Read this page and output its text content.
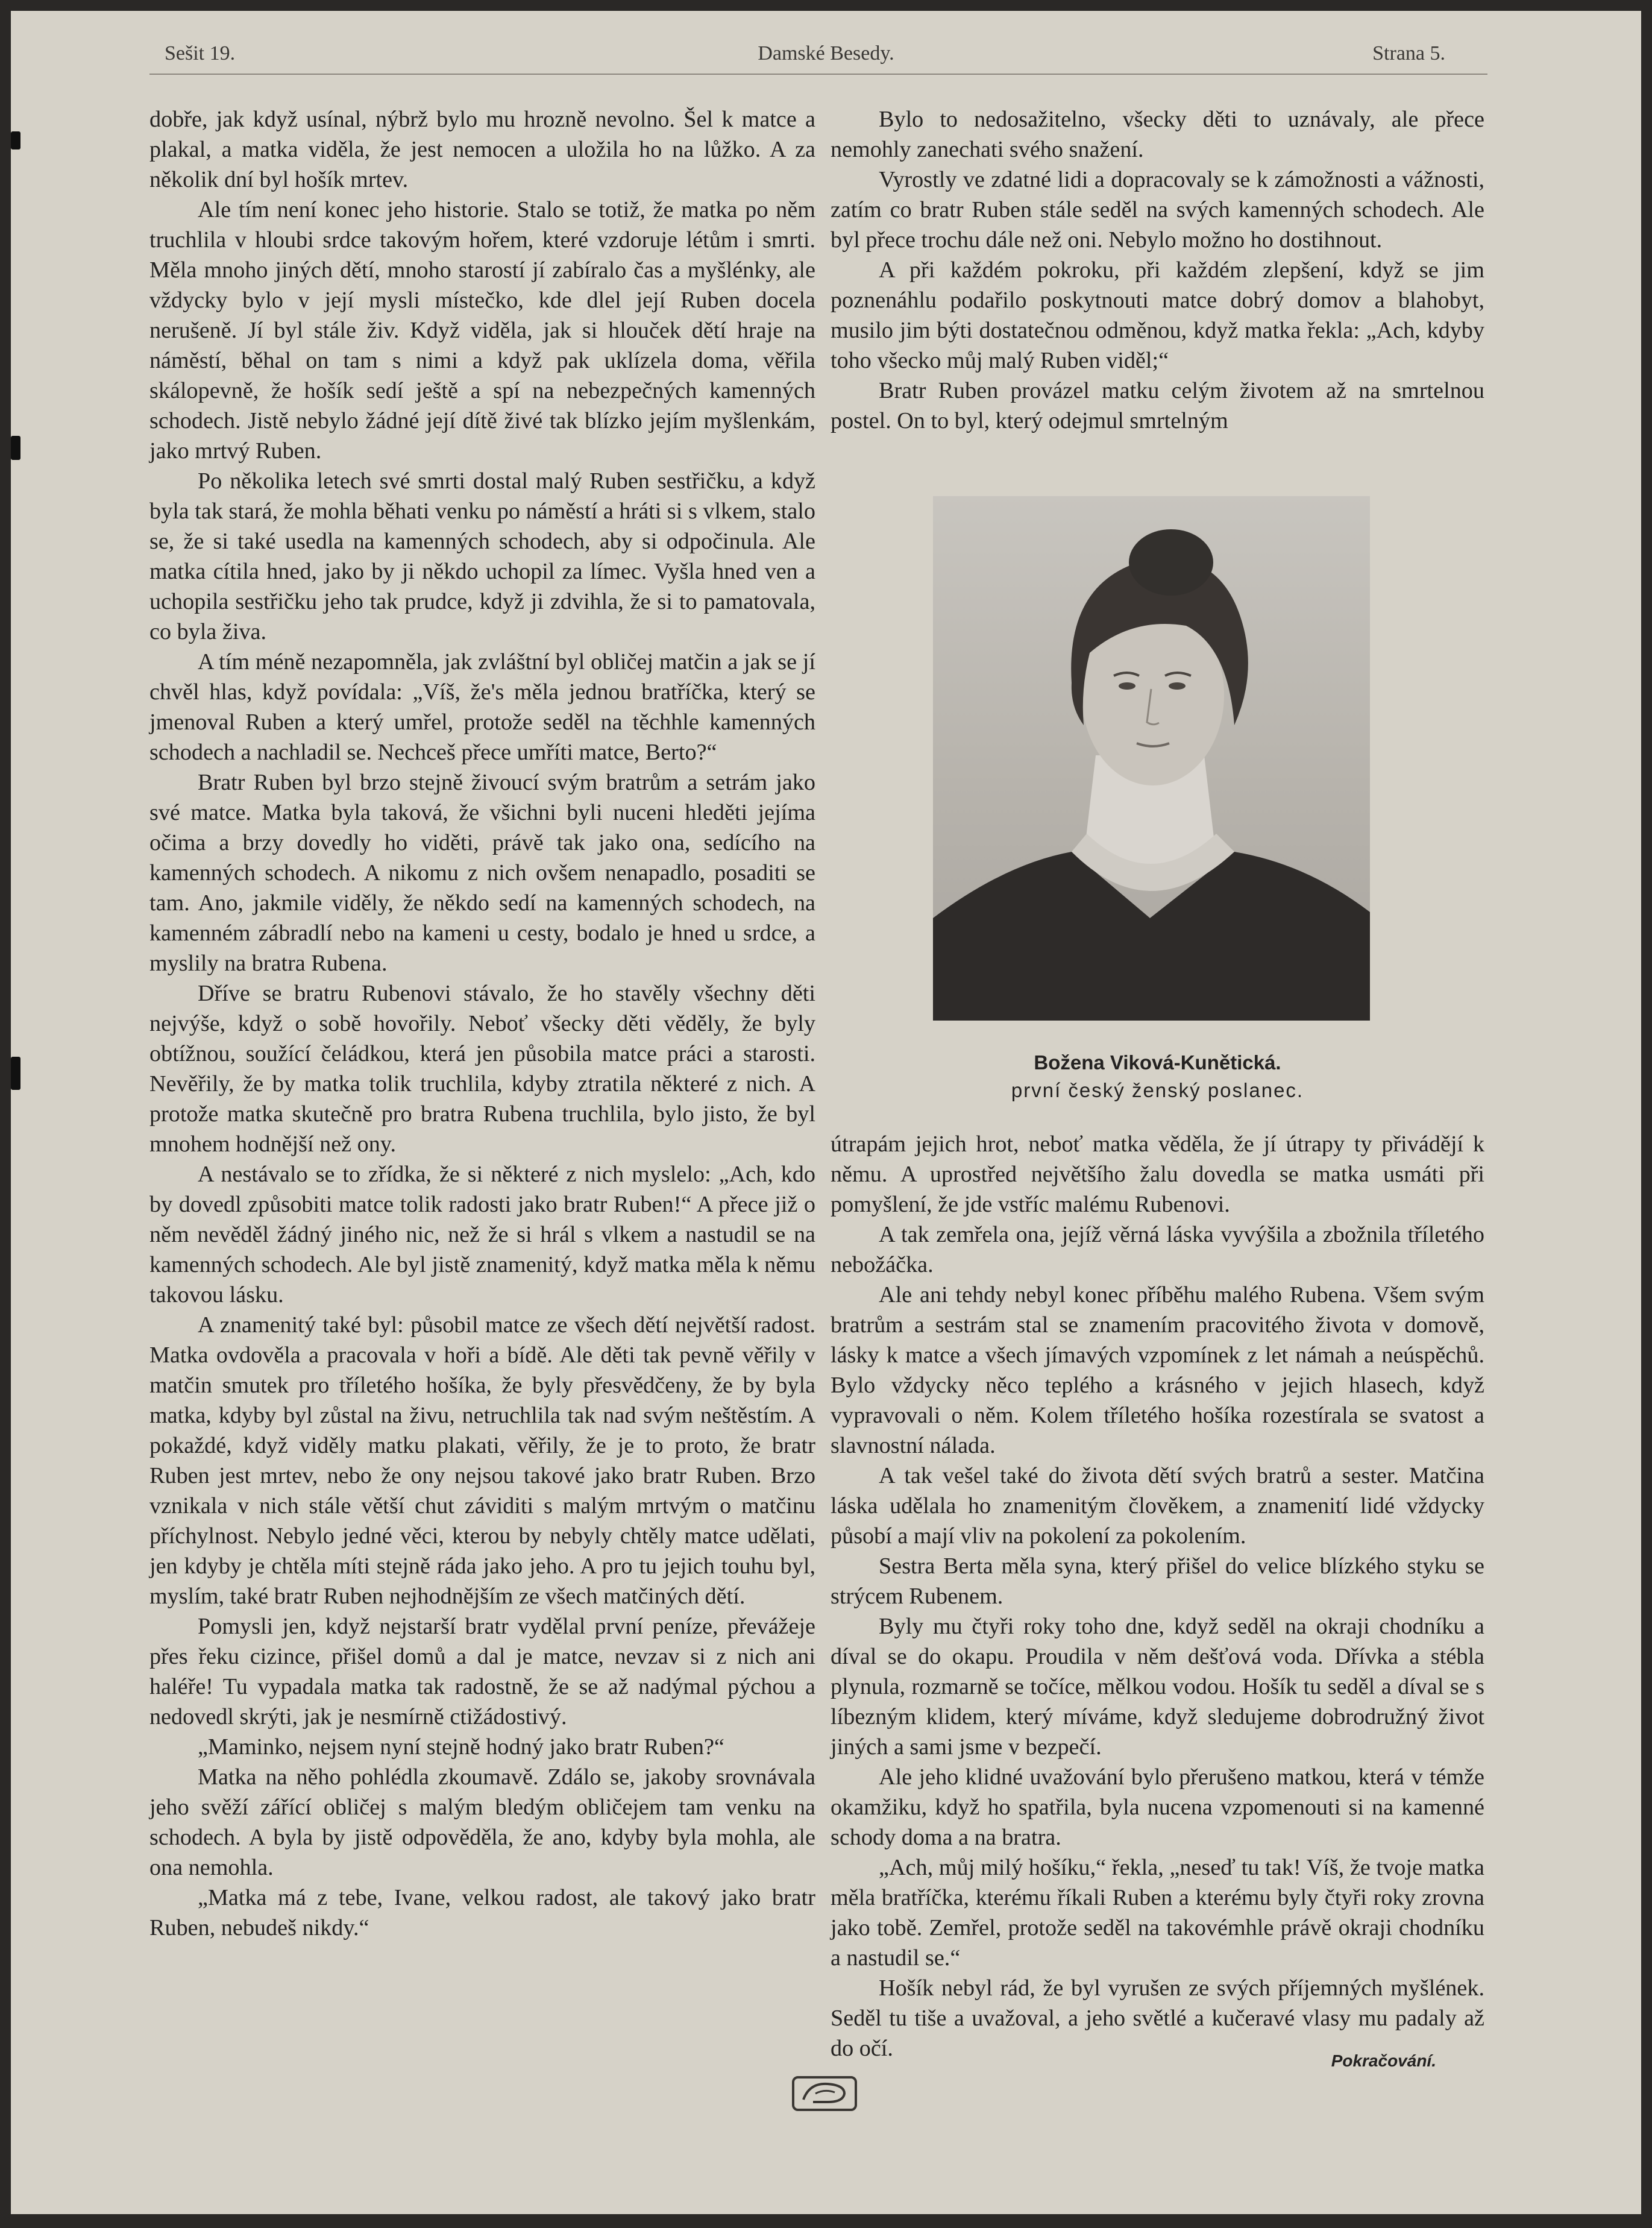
Sešit 19.	Damské Besedy.	Strana 5.

dobře, jak když usínal, nýbrž bylo mu hrozně nevolno. Šel k matce a plakal, a matka viděla, že jest nemocen a uložila ho na lůžko. A za několik dní byl hošík mrtev.

Ale tím není konec jeho historie. Stalo se totiž, že matka po něm truchlila v hloubi srdce takovým hořem, které vzdoruje létům i smrti. Měla mnoho jiných dětí, mnoho starostí jí zabíralo čas a myšlénky, ale vždycky bylo v její mysli místečko, kde dlel její Ruben docela nerušeně. Jí byl stále živ. Když viděla, jak si hlouček dětí hraje na náměstí, běhal on tam s nimi a když pak uklízela doma, věřila skálopevně, že hošík sedí ještě a spí na nebezpečných kamenných schodech. Jistě nebylo žádné její dítě živé tak blízko jejím myšlenkám, jako mrtvý Ruben.

Po několika letech své smrti dostal malý Ruben sestřičku, a když byla tak stará, že mohla běhati venku po náměstí a hráti si s vlkem, stalo se, že si také usedla na kamenných schodech, aby si odpočinula. Ale matka cítila hned, jako by ji někdo uchopil za límec. Vyšla hned ven a uchopila sestřičku jeho tak prudce, když ji zdvihla, že si to pamatovala, co byla živa.

A tím méně nezapomněla, jak zvláštní byl obličej matčin a jak se jí chvěl hlas, když povídala: „Víš, že's měla jednou bratříčka, který se jmenoval Ruben a který umřel, protože seděl na těchhle kamenných schodech a nachladil se. Nechceš přece umříti matce, Berto?“

Bratr Ruben byl brzo stejně živoucí svým bratrům a setrám jako své matce. Matka byla taková, že všichni byli nuceni hleděti jejíma očima a brzy dovedly ho viděti, právě tak jako ona, sedícího na kamenných schodech. A nikomu z nich ovšem nenapadlo, posaditi se tam. Ano, jakmile viděly, že někdo sedí na kamenných schodech, na kamenném zábradlí nebo na kameni u cesty, bodalo je hned u srdce, a myslily na bratra Rubena.

Dříve se bratru Rubenovi stávalo, že ho stavěly všechny děti nejvýše, když o sobě hovořily. Neboť všecky děti věděly, že byly obtížnou, soužící čeládkou, která jen působila matce práci a starosti. Nevěřily, že by matka tolik truchlila, kdyby ztratila některé z nich. A protože matka skutečně pro bratra Rubena truchlila, bylo jisto, že byl mnohem hodnější než ony.

A nestávalo se to zřídka, že si některé z nich myslelo: „Ach, kdo by dovedl způsobiti matce tolik radosti jako bratr Ruben!“ A přece již o něm nevěděl žádný jiného nic, než že si hrál s vlkem a nastudil se na kamenných schodech. Ale byl jistě znamenitý, když matka měla k němu takovou lásku.

A znamenitý také byl: působil matce ze všech dětí největší radost. Matka ovdověla a pracovala v hoři a bídě. Ale děti tak pevně věřily v matčin smutek pro tříletého hošíka, že byly přesvědčeny, že by byla matka, kdyby byl zůstal na živu, netruchlila tak nad svým neštěstím. A pokaždé, když viděly matku plakati, věřily, že je to proto, že bratr Ruben jest mrtev, nebo že ony nejsou takové jako bratr Ruben. Brzo vznikala v nich stále větší chut záviditi s malým mrtvým o matčinu příchylnost. Nebylo jedné věci, kterou by nebyly chtěly matce udělati, jen kdyby je chtěla míti stejně ráda jako jeho. A pro tu jejich touhu byl, myslím, také bratr Ruben nejhodnějším ze všech matčiných dětí.

Pomysli jen, když nejstarší bratr vydělal první peníze, převážeje přes řeku cizince, přišel domů a dal je matce, nevzav si z nich ani haléře! Tu vypadala matka tak radostně, že se až nadýmal pýchou a nedovedl skrýti, jak je nesmírně ctižádostivý.

„Maminko, nejsem nyní stejně hodný jako bratr Ruben?“

Matka na něho pohlédla zkoumavě. Zdálo se, jakoby srovnávala jeho svěží zářící obličej s malým bledým obličejem tam venku na schodech. A byla by jistě odpověděla, že ano, kdyby byla mohla, ale ona nemohla.

„Matka má z tebe, Ivane, velkou radost, ale takový jako bratr Ruben, nebudeš nikdy.“

Bylo to nedosažitelno, všecky děti to uznávaly, ale přece nemohly zanechati svého snažení.

Vyrostly ve zdatné lidi a dopracovaly se k zámožnosti a vážnosti, zatím co bratr Ruben stále seděl na svých kamenných schodech. Ale byl přece trochu dále než oni. Nebylo možno ho dostihnout.

A při každém pokroku, při každém zlepšení, když se jim poznenáhlu podařilo poskytnouti matce dobrý domov a blahobyt, musilo jim býti dostatečnou odměnou, když matka řekla: „Ach, kdyby toho všecko můj malý Ruben viděl;“

Bratr Ruben provázel matku celým životem až na smrtelnou postel. On to byl, který odejmul smrtelným

Božena Viková-Kunětická.
první český ženský poslanec.

útrapám jejich hrot, neboť matka věděla, že jí útrapy ty přivádějí k němu. A uprostřed největšího žalu dovedla se matka usmáti při pomyšlení, že jde vstříc malému Rubenovi.

A tak zemřela ona, jejíž věrná láska vyvýšila a zbožnila tříletého nebožáčka.

Ale ani tehdy nebyl konec příběhu malého Rubena. Všem svým bratrům a sestrám stal se znamením pracovitého života v domově, lásky k matce a všech jímavých vzpomínek z let námah a neúspěchů. Bylo vždycky něco teplého a krásného v jejich hlasech, když vypravovali o něm. Kolem tříletého hošíka rozestírala se svatost a slavnostní nálada.

A tak vešel také do života dětí svých bratrů a sester. Matčina láska udělala ho znamenitým člověkem, a znamenití lidé vždycky působí a mají vliv na pokolení za pokolením.

Sestra Berta měla syna, který přišel do velice blízkého styku se strýcem Rubenem.

Byly mu čtyři roky toho dne, když seděl na okraji chodníku a díval se do okapu. Proudila v něm dešťová voda. Dřívka a stébla plynula, rozmarně se točíce, mělkou vodou. Hošík tu seděl a díval se s líbezným klidem, který míváme, když sledujeme dobrodružný život jiných a sami jsme v bezpečí.

Ale jeho klidné uvažování bylo přerušeno matkou, která v témže okamžiku, když ho spatřila, byla nucena vzpomenouti si na kamenné schody doma a na bratra.

„Ach, můj milý hošíku,“ řekla, „neseď tu tak! Víš, že tvoje matka měla bratříčka, kterému říkali Ruben a kterému byly čtyři roky zrovna jako tobě. Zemřel, protože seděl na takovémhle právě okraji chodníku a nastudil se.“

Hošík nebyl rád, že byl vyrušen ze svých příjemných myšlének. Seděl tu tiše a uvažoval, a jeho světlé a kučeravé vlasy mu padaly až do očí.	Pokračování.
